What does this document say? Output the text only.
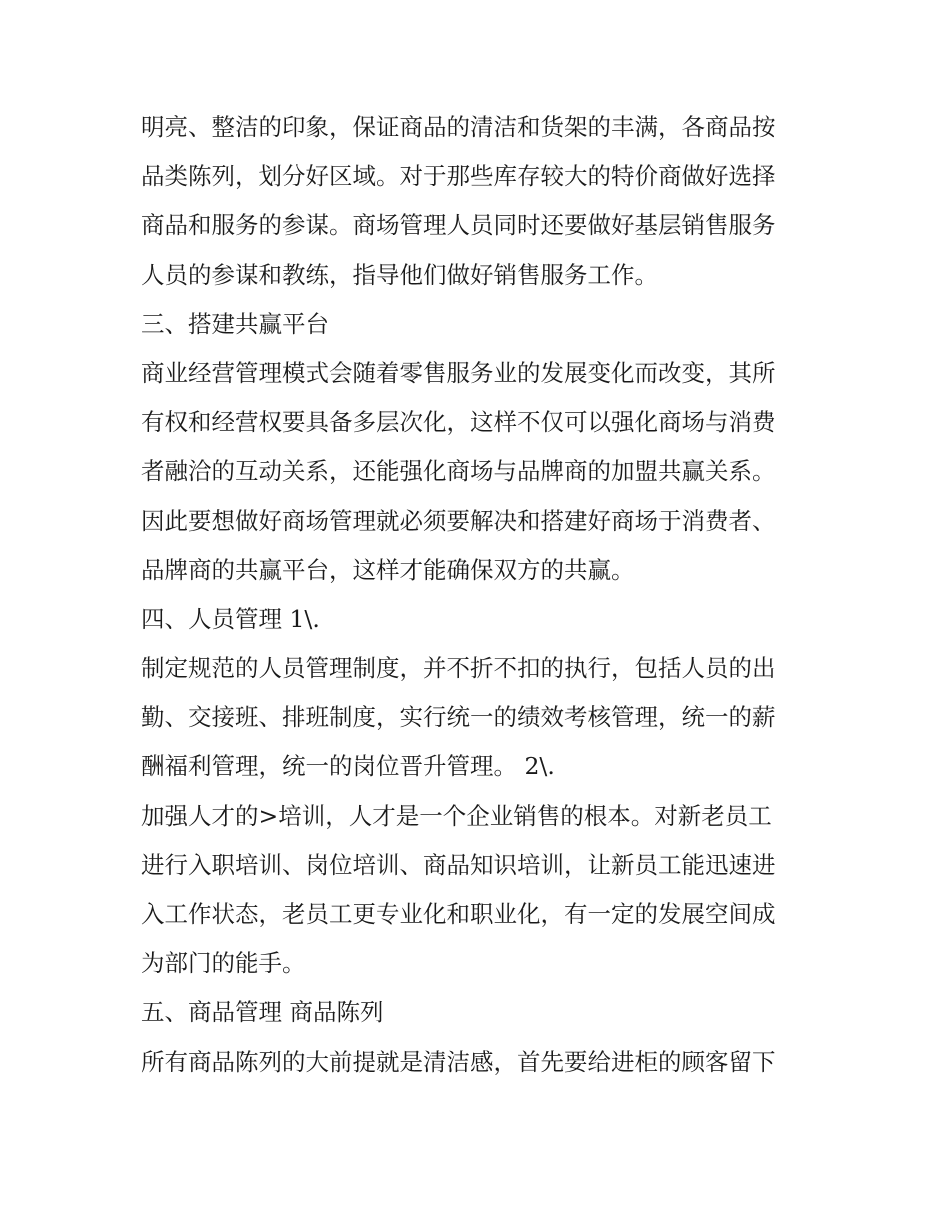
明亮、整洁的印象，保证商品的清洁和货架的丰满，各商品按
品类陈列，划分好区域。对于那些库存较大的特价商做好选择
商品和服务的参谋。商场管理人员同时还要做好基层销售服务
人员的参谋和教练，指导他们做好销售服务工作。
三、搭建共赢平台
商业经营管理模式会随着零售服务业的发展变化而改变，其所
有权和经营权要具备多层次化，这样不仅可以强化商场与消费
者融洽的互动关系，还能强化商场与品牌商的加盟共赢关系。
因此要想做好商场管理就必须要解决和搭建好商场于消费者、
品牌商的共赢平台，这样才能确保双方的共赢。
四、人员管理 1\.
制定规范的人员管理制度，并不折不扣的执行，包括人员的出
勤、交接班、排班制度，实行统一的绩效考核管理，统一的薪
酬福利管理，统一的岗位晋升管理。 2\.
加强人才的>培训，人才是一个企业销售的根本。对新老员工
进行入职培训、岗位培训、商品知识培训，让新员工能迅速进
入工作状态，老员工更专业化和职业化，有一定的发展空间成
为部门的能手。
五、商品管理 商品陈列
所有商品陈列的大前提就是清洁感，首先要给进柜的顾客留下
